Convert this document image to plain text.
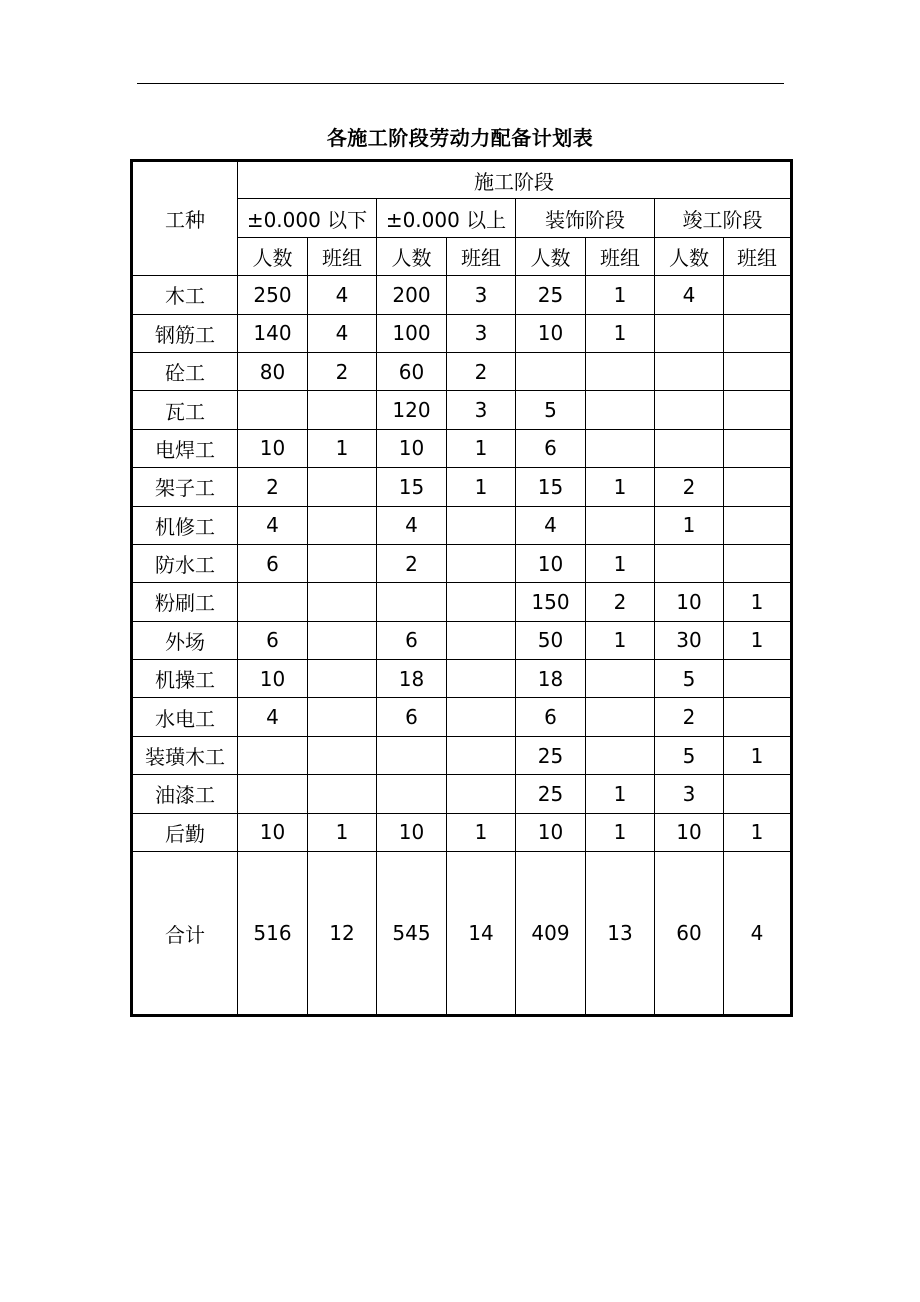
各施工阶段劳动力配备计划表
工种	施工阶段							
	±0.000 以下		±0.000 以上		装饰阶段		竣工阶段	
	人数	班组	人数	班组	人数	班组	人数	班组
木工	250	4	200	3	25	1	4	
钢筋工	140	4	100	3	10	1		
砼工	80	2	60	2				
瓦工			120	3	5			
电焊工	10	1	10	1	6			
架子工	2		15	1	15	1	2	
机修工	4		4		4		1	
防水工	6		2		10	1		
粉刷工					150	2	10	1
外场	6		6		50	1	30	1
机操工	10		18		18		5	
水电工	4		6		6		2	
装璜木工					25		5	1
油漆工					25	1	3	
后勤	10	1	10	1	10	1	10	1
合计	516	12	545	14	409	13	60	4
